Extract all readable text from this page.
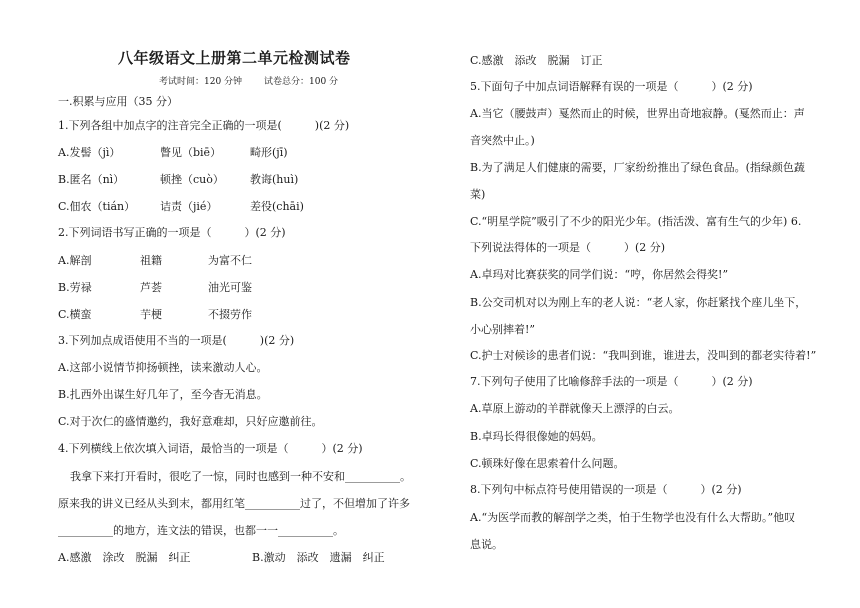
八年级语文上册第二单元检测试卷
考试时间：120 分钟 试卷总分：100 分
一.积累与应用（35 分）
1.下列各组中加点字的注音完全正确的一项是(　　　)(2 分)
A.发髻（jì）	瞥见（biē）	畸形(jī)
B.匿名（nì）	顿挫（cuò） 教诲(huì)
C.佃农（tián） 诘责（jié）	差役(chāi)
2.下列词语书写正确的一项是（　　　）(2 分)
A.解剖	祖籍	为富不仁
B.劳禄	芦荟	油光可鉴
C.横蛮	芋梗	不掇劳作
3.下列加点成语使用不当的一项是(　　　)(2 分)
A.这部小说情节抑扬顿挫，读来激动人心。
B.扎西外出谋生好几年了，至今杳无消息。
C.对于次仁的盛情邀约，我好意难却，只好应邀前往。
4.下列横线上依次填入词语，最恰当的一项是（　　　）(2 分)
我拿下来打开看时，很吃了一惊，同时也感到一种不安和__________。
原来我的讲义已经从头到末，都用红笔__________过了，不但增加了许多
__________的地方，连文法的错误，也都一一__________。
A.感激　涂改　脱漏　纠正	B.激动　添改　遗漏　纠正
C.感激　添改　脱漏　订正
5.下面句子中加点词语解释有误的一项是（　　　）(2 分)
A.当它（腰鼓声）戛然而止的时候，世界出奇地寂静。(戛然而止：声
音突然中止。)
B.为了满足人们健康的需要，厂家纷纷推出了绿色食品。(指绿颜色蔬
菜)
C.“明星学院”吸引了不少的阳光少年。(指活泼、富有生气的少年) 6.
下列说法得体的一项是（　　　）(2 分)
A.卓玛对比赛获奖的同学们说：“哼，你居然会得奖!”
B.公交司机对以为刚上车的老人说：“老人家，你赶紧找个座儿坐下，
小心别摔着!”
C.护士对候诊的患者们说：“我叫到谁，谁进去，没叫到的都老实待着!”
7.下列句子使用了比喻修辞手法的一项是（　　　）(2 分)
A.草原上游动的羊群就像天上漂浮的白云。
B.卓玛长得很像她的妈妈。
C.顿珠好像在思索着什么问题。
8.下列句中标点符号使用错误的一项是（　　　）(2 分)
A.“为医学而教的解剖学之类，怕于生物学也没有什么大帮助。”他叹
息说。
